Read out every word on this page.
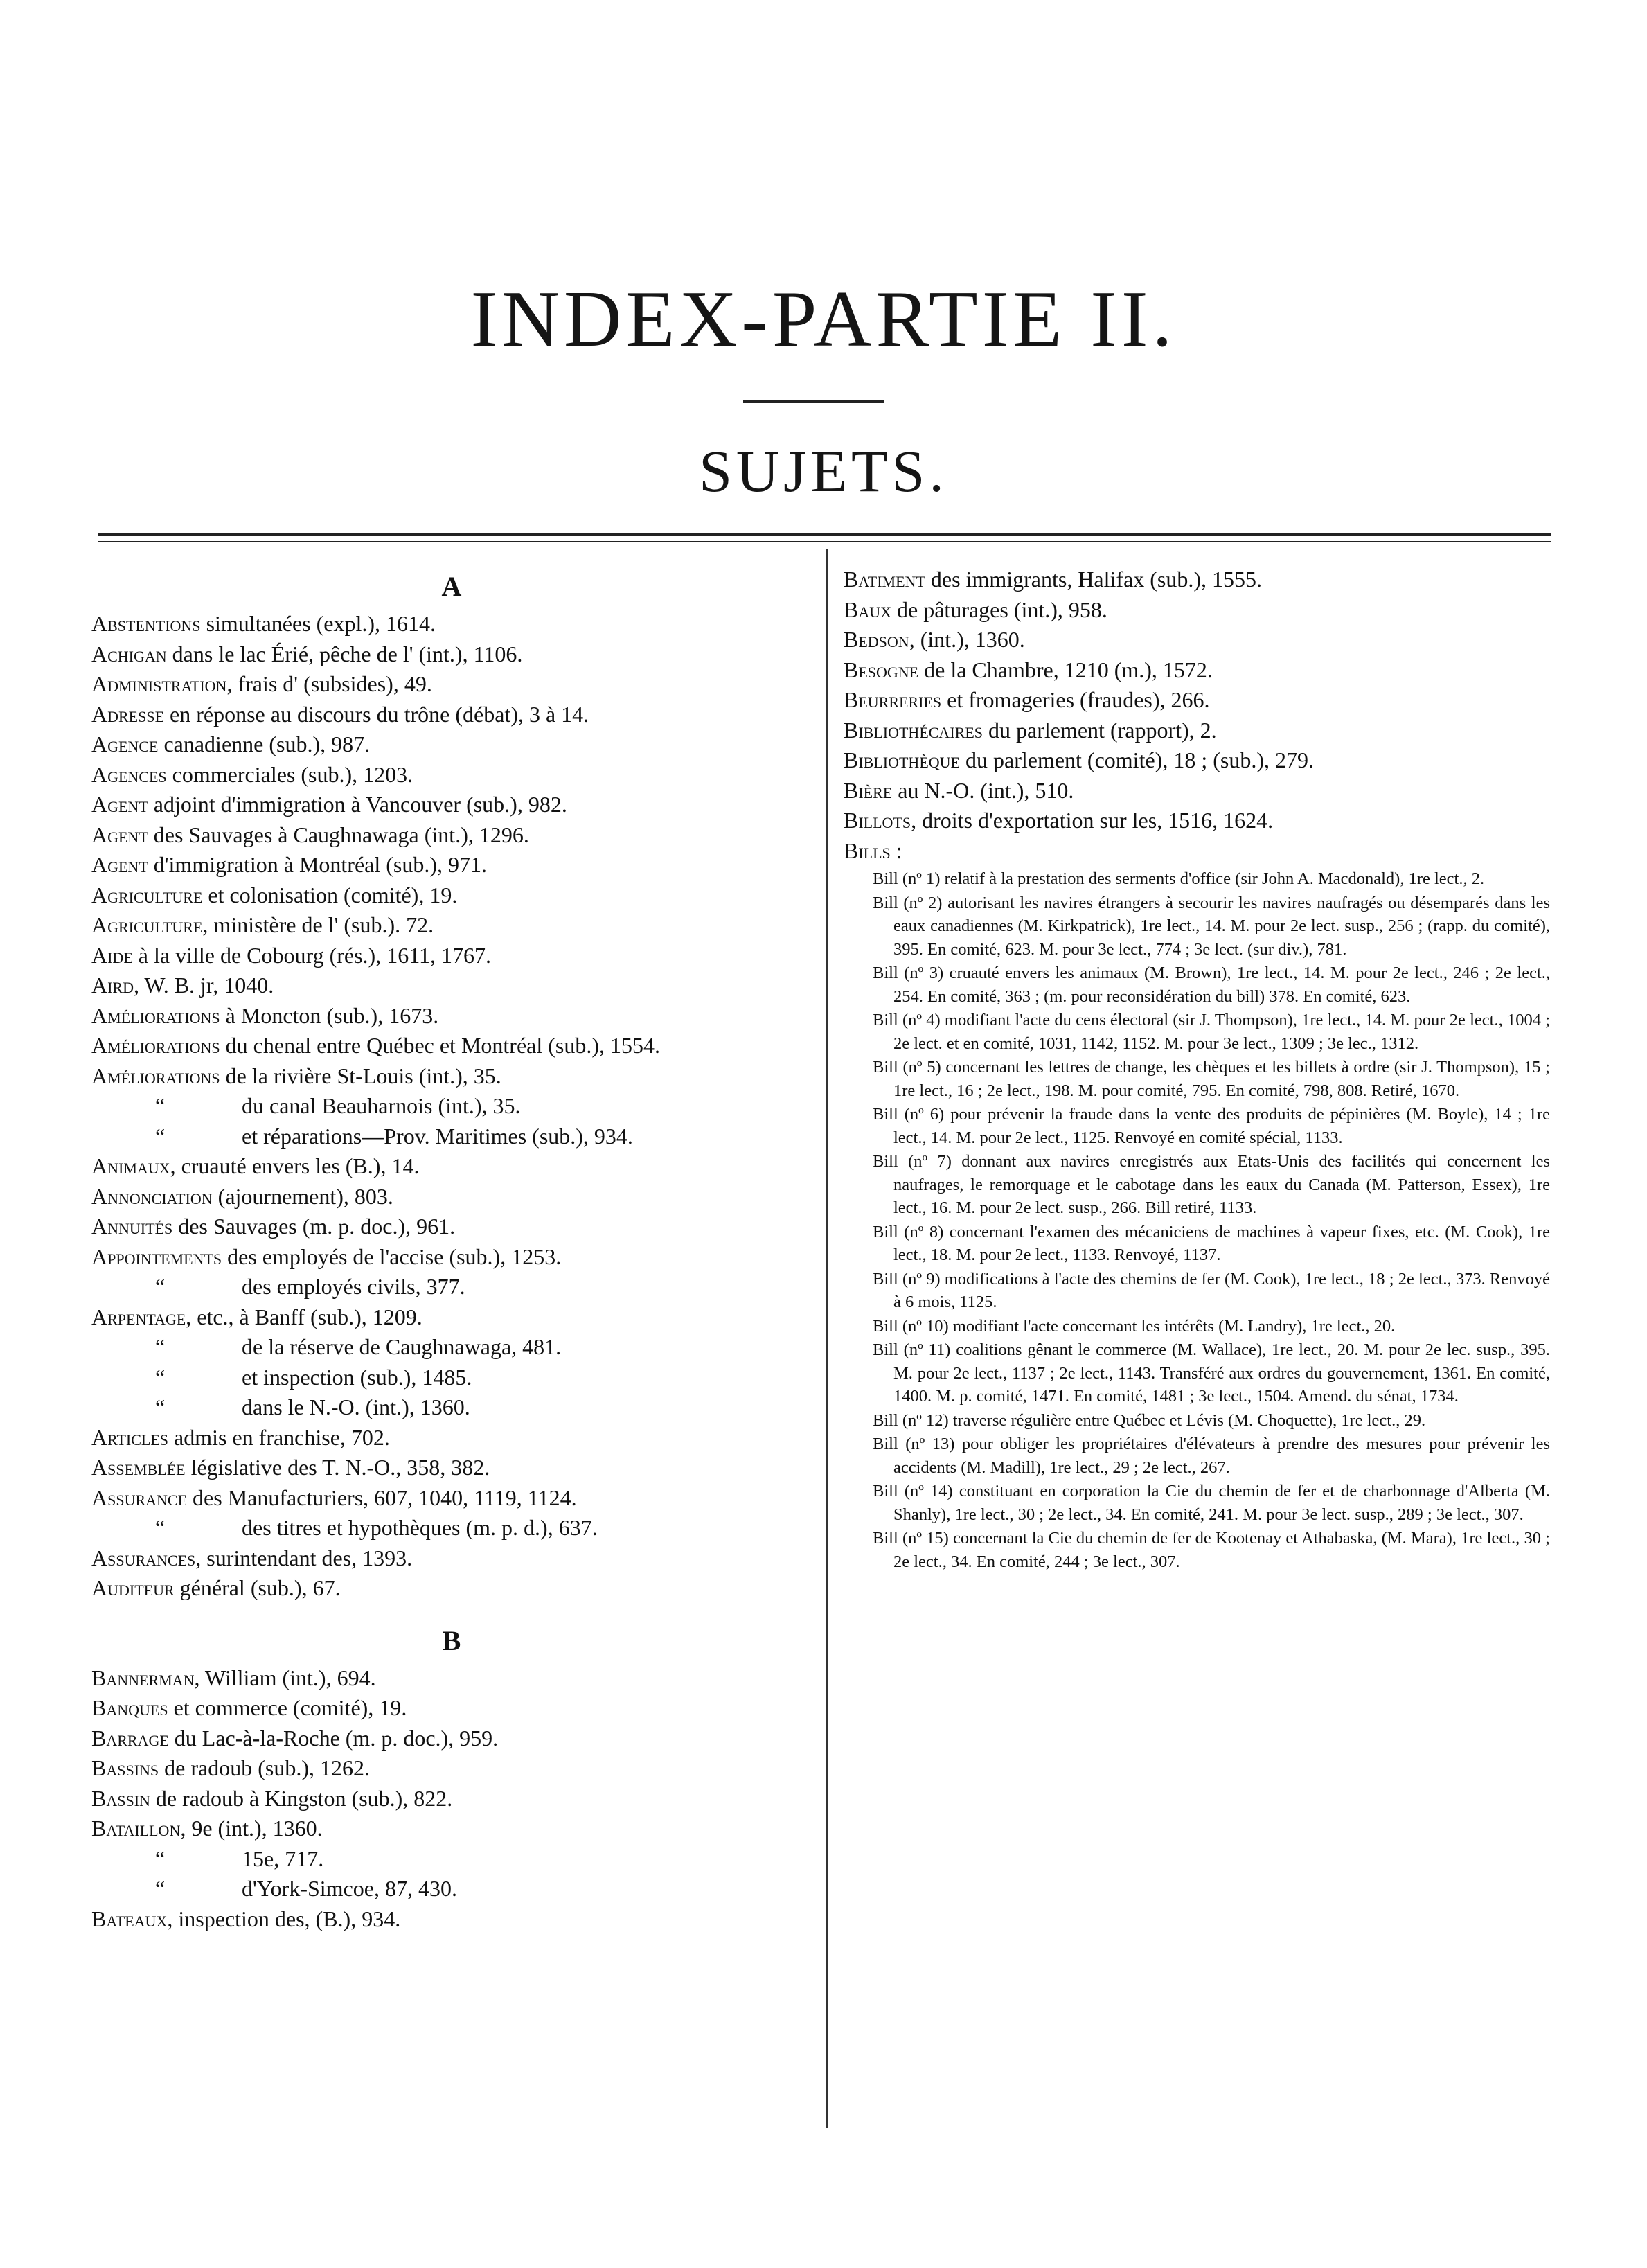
INDEX-PARTIE II.
SUJETS.
A

Abstentions simultanées (expl.), 1614.

Achigan dans le lac Érié, pêche de l' (int.), 1106.

Administration, frais d' (subsides), 49.

Adresse en réponse au discours du trône (débat), 3 à 14.

Agence canadienne (sub.), 987.

Agences commerciales (sub.), 1203.

Agent adjoint d'immigration à Vancouver (sub.), 982.

Agent des Sauvages à Caughnawaga (int.), 1296.

Agent d'immigration à Montréal (sub.), 971.

Agriculture et colonisation (comité), 19.

Agriculture, ministère de l' (sub.). 72.

Aide à la ville de Cobourg (rés.), 1611, 1767.

Aird, W. B. jr, 1040.

Améliorations à Moncton (sub.), 1673.

Améliorations du chenal entre Québec et Montréal (sub.), 1554.

Améliorations de la rivière St-Louis (int.), 35.

“	du canal Beauharnois (int.), 35.
“	et réparations—Prov. Maritimes (sub.), 934.

Animaux, cruauté envers les (B.), 14.

Annonciation (ajournement), 803.

Annuités des Sauvages (m. p. doc.), 961.

Appointements des employés de l'accise (sub.), 1253.

“	des employés civils, 377.

Arpentage, etc., à Banff (sub.), 1209.

“	de la réserve de Caughnawaga, 481.
“	et inspection (sub.), 1485.
“	dans le N.-O. (int.), 1360.

Articles admis en franchise, 702.

Assemblée législative des T. N.-O., 358, 382.

Assurance des Manufacturiers, 607, 1040, 1119, 1124.

“	des titres et hypothèques (m. p. d.), 637.

Assurances, surintendant des, 1393.

Auditeur général (sub.), 67.

B

Bannerman, William (int.), 694.

Banques et commerce (comité), 19.

Barrage du Lac-à-la-Roche (m. p. doc.), 959.

Bassins de radoub (sub.), 1262.

Bassin de radoub à Kingston (sub.), 822.

Bataillon, 9e (int.), 1360.

“	15e, 717.
“	d'York-Simcoe, 87, 430.

Bateaux, inspection des, (B.), 934.

Batiment des immigrants, Halifax (sub.), 1555.

Baux de pâturages (int.), 958.

Bedson, (int.), 1360.

Besogne de la Chambre, 1210 (m.), 1572.

Beurreries et fromageries (fraudes), 266.

Bibliothécaires du parlement (rapport), 2.

Bibliothèque du parlement (comité), 18 ; (sub.), 279.

Bière au N.-O. (int.), 510.

Billots, droits d'exportation sur les, 1516, 1624.

Bills :

Bill (nº 1) relatif à la prestation des serments d'office (sir John A. Macdonald), 1re lect., 2.

Bill (nº 2) autorisant les navires étrangers à secourir les navires naufragés ou désemparés dans les eaux canadiennes (M. Kirkpatrick), 1re lect., 14. M. pour 2e lect. susp., 256 ; (rapp. du comité), 395. En comité, 623. M. pour 3e lect., 774 ; 3e lect. (sur div.), 781.

Bill (nº 3) cruauté envers les animaux (M. Brown), 1re lect., 14. M. pour 2e lect., 246 ; 2e lect., 254. En comité, 363 ; (m. pour reconsidération du bill) 378. En comité, 623.

Bill (nº 4) modifiant l'acte du cens électoral (sir J. Thompson), 1re lect., 14. M. pour 2e lect., 1004 ; 2e lect. et en comité, 1031, 1142, 1152. M. pour 3e lect., 1309 ; 3e lec., 1312.

Bill (nº 5) concernant les lettres de change, les chèques et les billets à ordre (sir J. Thompson), 15 ; 1re lect., 16 ; 2e lect., 198. M. pour comité, 795. En comité, 798, 808. Retiré, 1670.

Bill (nº 6) pour prévenir la fraude dans la vente des produits de pépinières (M. Boyle), 14 ; 1re lect., 14. M. pour 2e lect., 1125. Renvoyé en comité spécial, 1133.

Bill (nº 7) donnant aux navires enregistrés aux Etats-Unis des facilités qui concernent les naufrages, le remorquage et le cabotage dans les eaux du Canada (M. Patterson, Essex), 1re lect., 16. M. pour 2e lect. susp., 266. Bill retiré, 1133.

Bill (nº 8) concernant l'examen des mécaniciens de machines à vapeur fixes, etc. (M. Cook), 1re lect., 18. M. pour 2e lect., 1133. Renvoyé, 1137.

Bill (nº 9) modifications à l'acte des chemins de fer (M. Cook), 1re lect., 18 ; 2e lect., 373. Renvoyé à 6 mois, 1125.

Bill (nº 10) modifiant l'acte concernant les intérêts (M. Landry), 1re lect., 20.

Bill (nº 11) coalitions gênant le commerce (M. Wallace), 1re lect., 20. M. pour 2e lec. susp., 395. M. pour 2e lect., 1137 ; 2e lect., 1143. Transféré aux ordres du gouvernement, 1361. En comité, 1400. M. p. comité, 1471. En comité, 1481 ; 3e lect., 1504. Amend. du sénat, 1734.

Bill (nº 12) traverse régulière entre Québec et Lévis (M. Choquette), 1re lect., 29.

Bill (nº 13) pour obliger les propriétaires d'élévateurs à prendre des mesures pour prévenir les accidents (M. Madill), 1re lect., 29 ; 2e lect., 267.

Bill (nº 14) constituant en corporation la Cie du chemin de fer et de charbonnage d'Alberta (M. Shanly), 1re lect., 30 ; 2e lect., 34. En comité, 241. M. pour 3e lect. susp., 289 ; 3e lect., 307.

Bill (nº 15) concernant la Cie du chemin de fer de Kootenay et Athabaska, (M. Mara), 1re lect., 30 ; 2e lect., 34. En comité, 244 ; 3e lect., 307.
